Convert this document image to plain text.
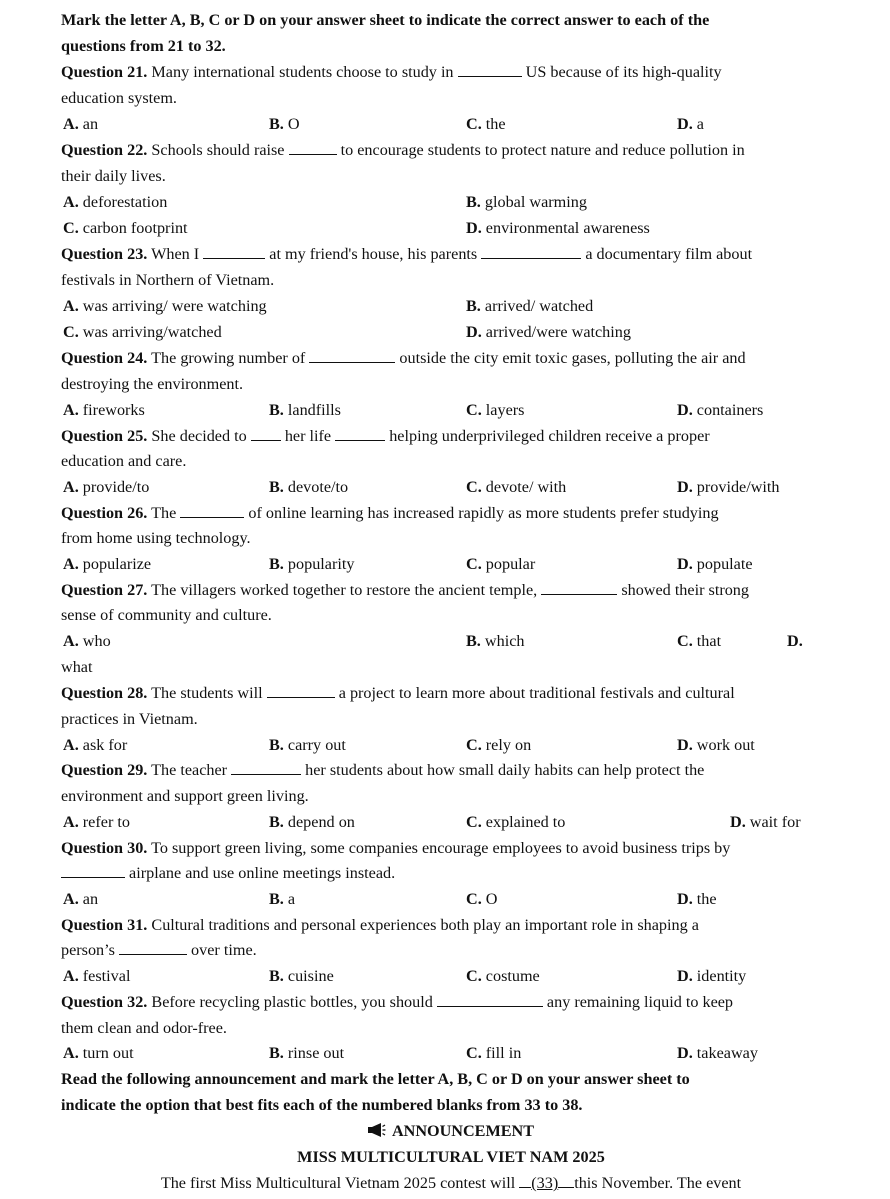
Mark the letter A, B, C or D on your answer sheet to indicate the correct answer to each of the
questions from 21 to 32.
Question 21. Many international students choose to study in	US because of its high-quality
education system.
A. an	B. O	C. the	D. a
Question 22. Schools should raise	to encourage students to protect nature and reduce pollution in
their daily lives.
A. deforestation	B. global warming
C. carbon footprint	D. environmental awareness
Question 23. When I	at my friend's house, his parents	a documentary film about
festivals in Northern of Vietnam.
A. was arriving/ were watching	B. arrived/ watched
C. was arriving/watched	D. arrived/were watching
Question 24. The growing number of	outside the city emit toxic gases, polluting the air and
destroying the environment.
A. fireworks	B. landfills	C. layers	D. containers
Question 25. She decided to  her life	helping underprivileged children receive a proper
education and care.
A. provide/to	B. devote/to	C. devote/ with	D. provide/with
Question 26. The	of online learning has increased rapidly as more students prefer studying
from home using technology.
A. popularize	B. popularity	C. popular	D. populate
Question 27. The villagers worked together to restore the ancient temple,	showed their strong
sense of community and culture.
A. who	B. which	C. that	D.
what
Question 28. The students will	a project to learn more about traditional festivals and cultural
practices in Vietnam.
A. ask for	B. carry out	C. rely on	D. work out
Question 29. The teacher	her students about how small daily habits can help protect the
environment and support green living.
A. refer to	B. depend on	C. explained to	D. wait for
Question 30. To support green living, some companies encourage employees to avoid business trips by
airplane and use online meetings instead.
A. an	B. a	C. O	D. the
Question 31. Cultural traditions and personal experiences both play an important role in shaping a
person’s	over time.
A. festival	B. cuisine	C. costume	D. identity
Question 32. Before recycling plastic bottles, you should	any remaining liquid to keep
them clean and odor-free.
A. turn out	B. rinse out	C. fill in	D. takeaway
Read the following announcement and mark the letter A, B, C or D on your answer sheet to
indicate the option that best fits each of the numbered blanks from 33 to 38.
ANNOUNCEMENT
MISS MULTICULTURAL VIET NAM 2025
The first Miss Multicultural Vietnam 2025 contest will (33) this November. The event
